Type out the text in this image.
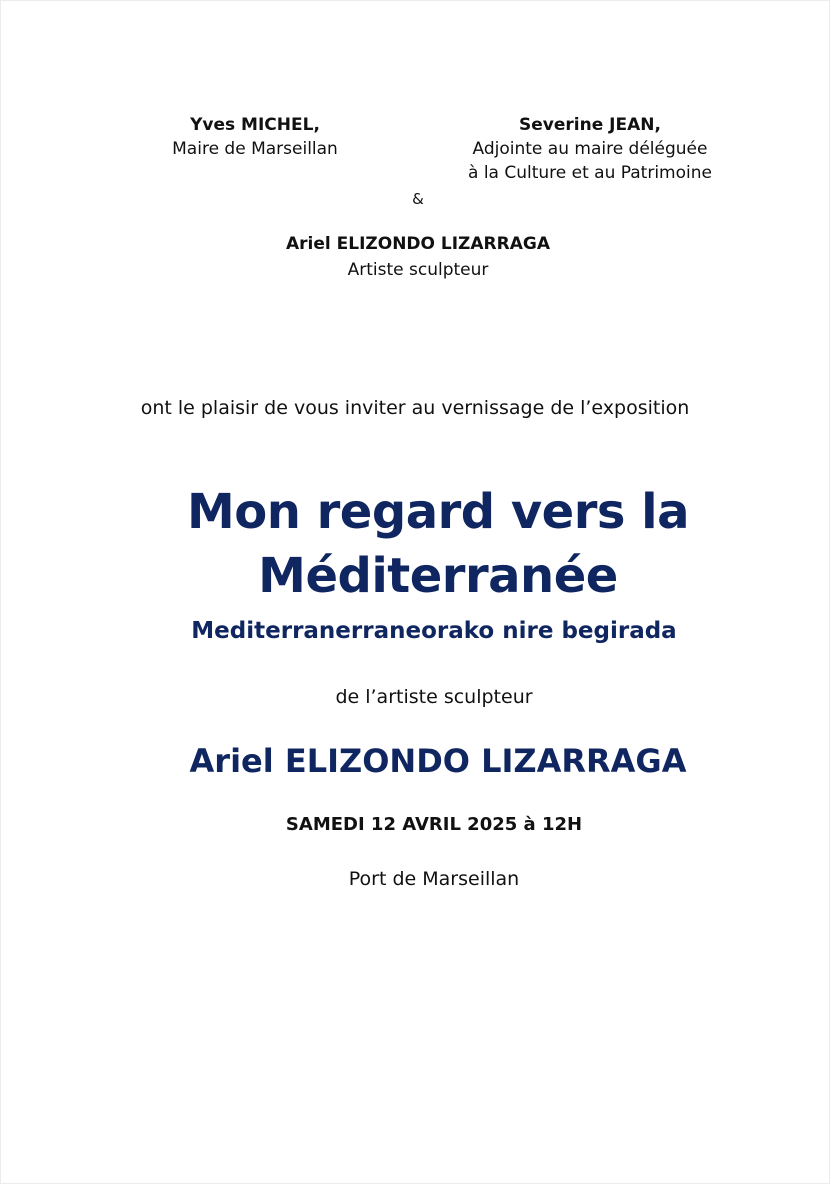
Yves MICHEL,
Maire de Marseillan
Severine JEAN,
Adjointe au maire déléguée
à la Culture et au Patrimoine
&
Ariel ELIZONDO LIZARRAGA
Artiste sculpteur
ont le plaisir de vous inviter au vernissage de l’exposition
Mon regard vers la
Méditerranée
Mediterranerraneorako nire begirada
de l’artiste sculpteur
Ariel ELIZONDO LIZARRAGA
SAMEDI 12 AVRIL 2025 à 12H
Port de Marseillan
